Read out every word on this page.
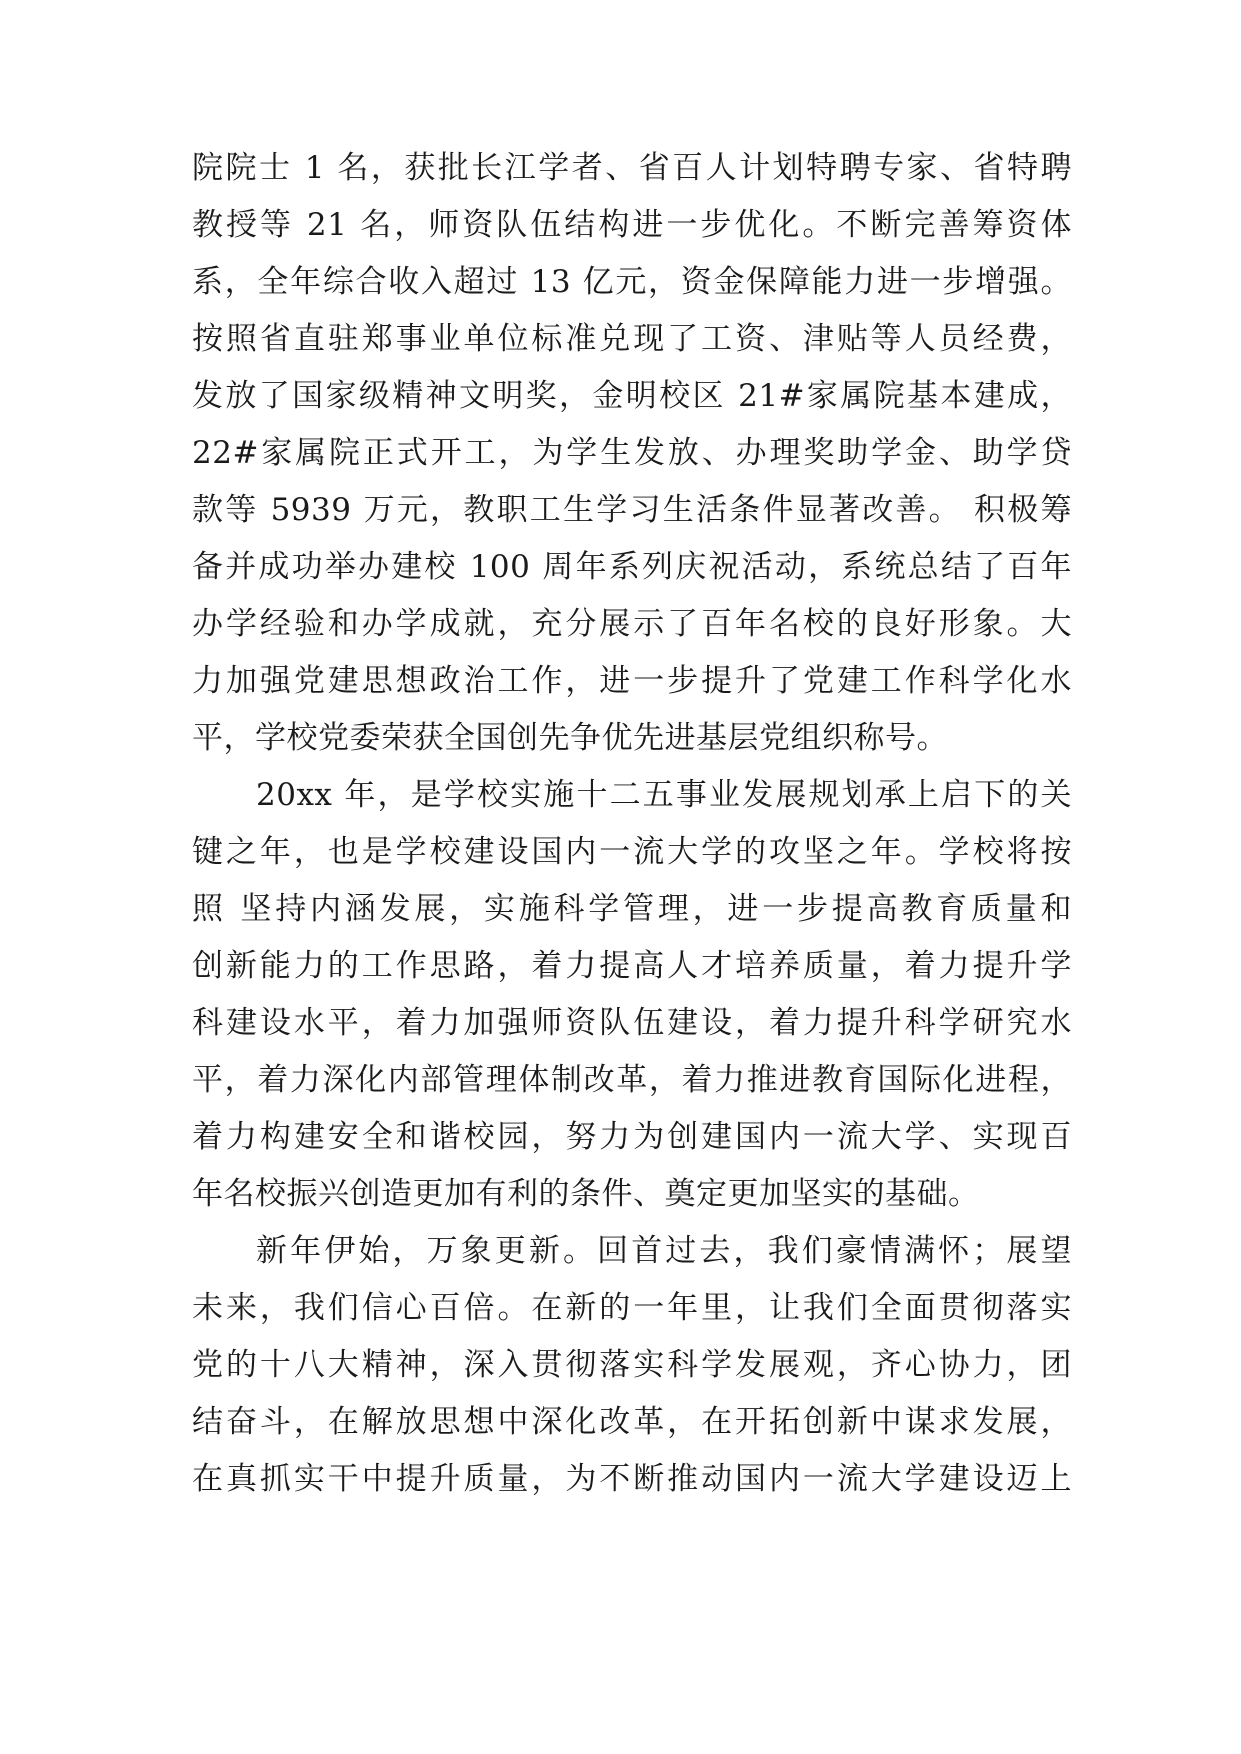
院院士 1 名，获批长江学者、省百人计划特聘专家、省特聘
教授等 21 名，师资队伍结构进一步优化。不断完善筹资体
系，全年综合收入超过 13 亿元，资金保障能力进一步增强。
按照省直驻郑事业单位标准兑现了工资、津贴等人员经费，
发放了国家级精神文明奖，金明校区 21#家属院基本建成，
22#家属院正式开工，为学生发放、办理奖助学金、助学贷
款等 5939 万元，教职工生学习生活条件显著改善。 积极筹
备并成功举办建校 100 周年系列庆祝活动，系统总结了百年
办学经验和办学成就，充分展示了百年名校的良好形象。大
力加强党建思想政治工作，进一步提升了党建工作科学化水
平，学校党委荣获全国创先争优先进基层党组织称号。
20xx 年，是学校实施十二五事业发展规划承上启下的关
键之年，也是学校建设国内一流大学的攻坚之年。学校将按
照 坚持内涵发展，实施科学管理，进一步提高教育质量和
创新能力的工作思路，着力提高人才培养质量，着力提升学
科建设水平，着力加强师资队伍建设，着力提升科学研究水
平，着力深化内部管理体制改革，着力推进教育国际化进程，
着力构建安全和谐校园，努力为创建国内一流大学、实现百
年名校振兴创造更加有利的条件、奠定更加坚实的基础。
新年伊始，万象更新。回首过去，我们豪情满怀；展望
未来，我们信心百倍。在新的一年里，让我们全面贯彻落实
党的十八大精神，深入贯彻落实科学发展观，齐心协力，团
结奋斗，在解放思想中深化改革，在开拓创新中谋求发展，
在真抓实干中提升质量，为不断推动国内一流大学建设迈上
